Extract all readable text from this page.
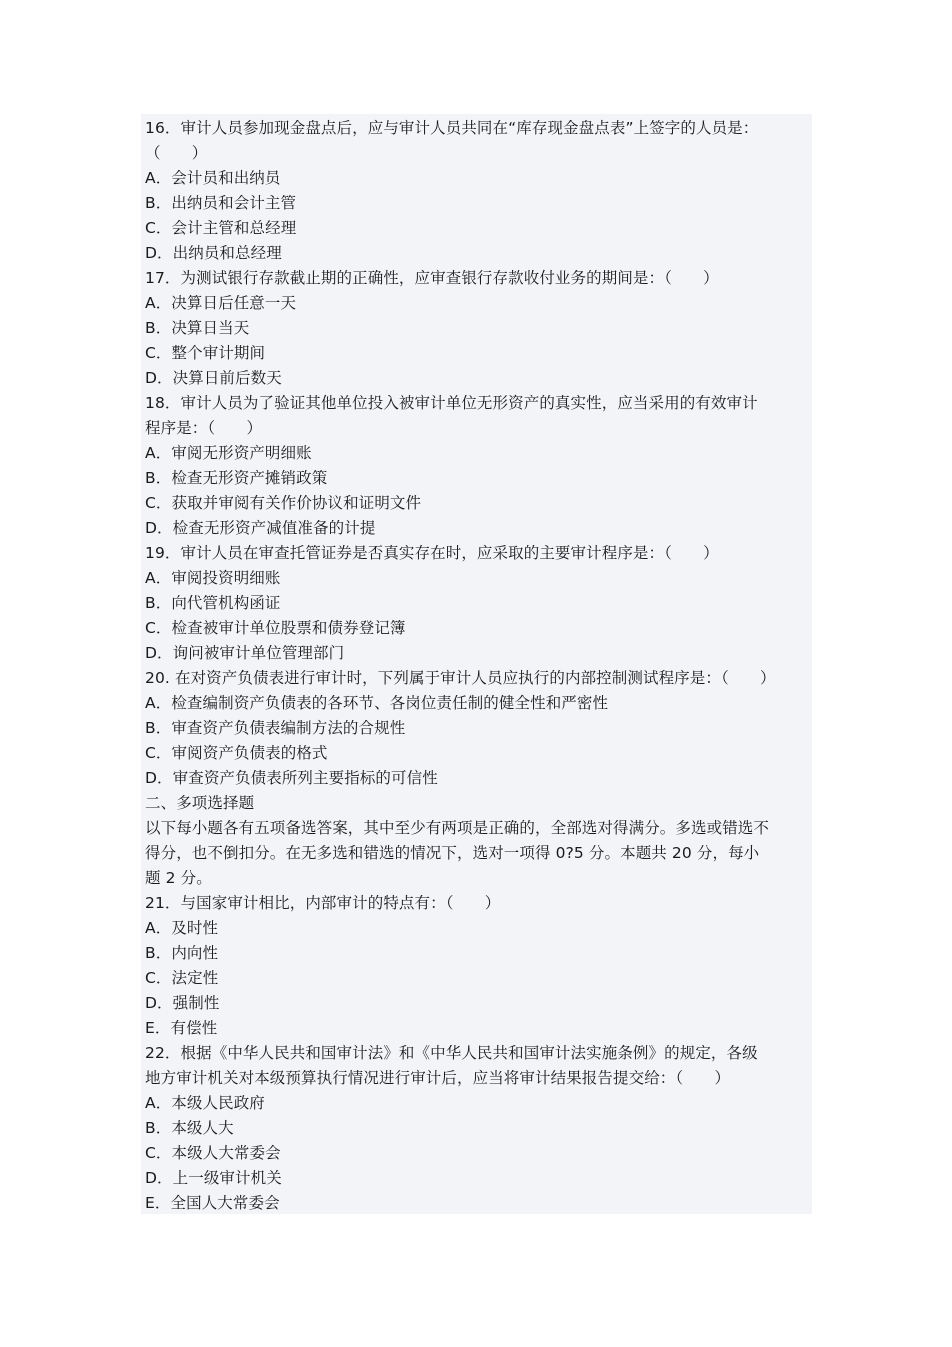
16．审计人员参加现金盘点后，应与审计人员共同在“库存现金盘点表”上签字的人员是：
（　　）
A．会计员和出纳员
B．出纳员和会计主管
C．会计主管和总经理
D．出纳员和总经理
17．为测试银行存款截止期的正确性，应审查银行存款收付业务的期间是：（　　）
A．决算日后任意一天
B．决算日当天
C．整个审计期间
D．决算日前后数天
18．审计人员为了验证其他单位投入被审计单位无形资产的真实性，应当采用的有效审计
程序是：（　　）
A．审阅无形资产明细账
B．检查无形资产摊销政策
C．获取并审阅有关作价协议和证明文件
D．检查无形资产减值准备的计提
19．审计人员在审查托管证券是否真实存在时，应采取的主要审计程序是：（　　）
A．审阅投资明细账
B．向代管机构函证
C．检查被审计单位股票和债券登记簿
D．询问被审计单位管理部门
20. 在对资产负债表进行审计时，下列属于审计人员应执行的内部控制测试程序是：（　　）
A．检查编制资产负债表的各环节、各岗位责任制的健全性和严密性
B．审查资产负债表编制方法的合规性
C．审阅资产负债表的格式
D．审查资产负债表所列主要指标的可信性
二、多项选择题
以下每小题各有五项备选答案，其中至少有两项是正确的，全部选对得满分。多选或错选不
得分，也不倒扣分。在无多选和错选的情况下，选对一项得 0?5 分。本题共 20 分，每小
题 2 分。
21．与国家审计相比，内部审计的特点有：（　　）
A．及时性
B．内向性
C．法定性
D．强制性
E．有偿性
22．根据《中华人民共和国审计法》和《中华人民共和国审计法实施条例》的规定，各级
地方审计机关对本级预算执行情况进行审计后，应当将审计结果报告提交给：（　　）
A．本级人民政府
B．本级人大
C．本级人大常委会
D．上一级审计机关
E．全国人大常委会
